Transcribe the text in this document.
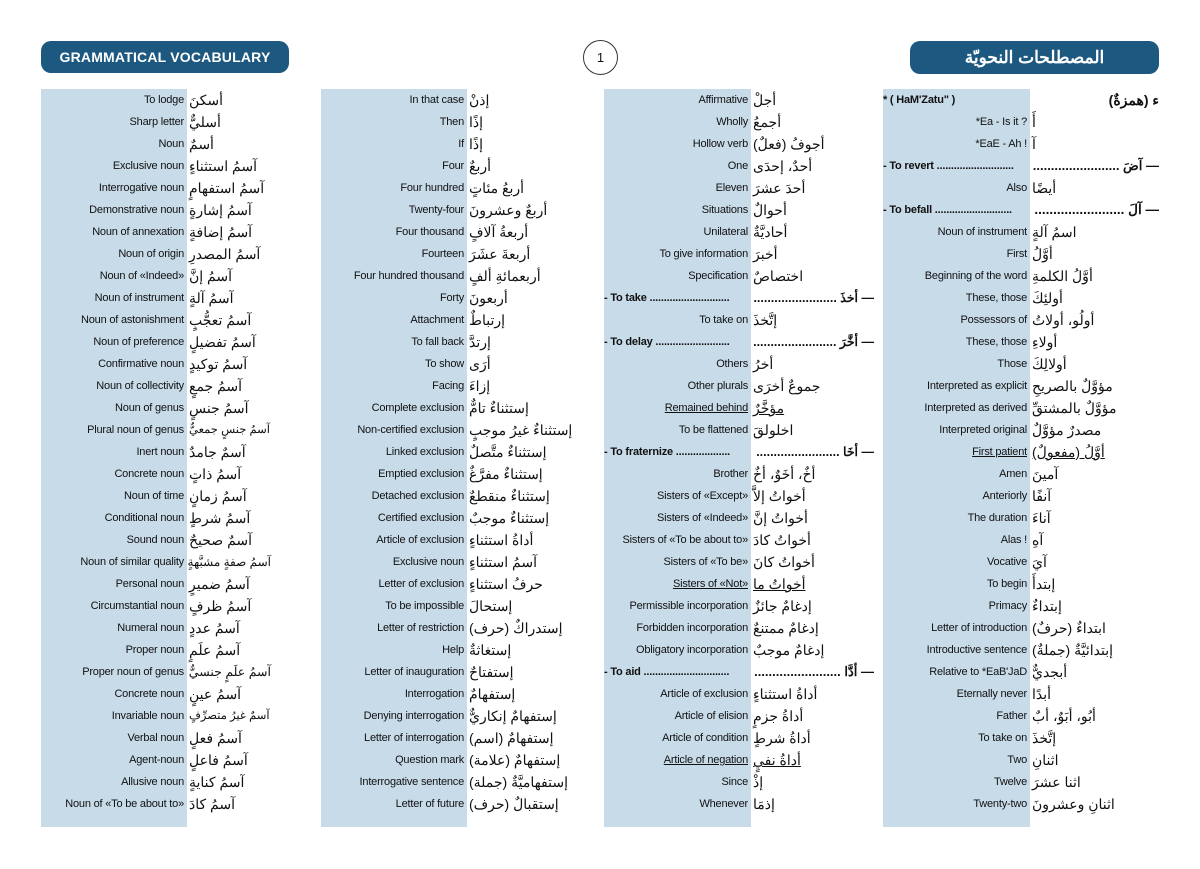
GRAMMATICAL VOCABULARY	1	المصطلحات النحويّة
To lodge أسكنَ
Sharp letter أسليٌّ
Noun أسمٌ
Exclusive noun آسمُ استثناءٍ
Interrogative noun آسمُ استفهامٍ
Demonstrative noun آسمُ إشارةٍ
Noun of annexation آسمُ إضافةٍ
Noun of origin آسمُ المصدرِ
Noun of «Indeed» آسمُ إنَّ
Noun of instrument آسمُ آلةٍ
Noun of astonishment آسمُ تعجُّبٍ
Noun of preference آسمُ تفضيلٍ
Confirmative noun آسمُ توكيدٍ
Noun of collectivity آسمُ جمعٍ
Noun of genus آسمُ جنسٍ
Plural noun of genus آسمُ جنسٍ جمعيٌّ
Inert noun آسمٌ جامدٌ
Concrete noun آسمُ ذاتٍ
Noun of time آسمُ زمانٍ
Conditional noun آسمُ شرطٍ
Sound noun آسمٌ صحيحٌ
Noun of similar quality آسمُ صفةٍ مشبَّهةٍ
Personal noun آسمُ ضميرٍ
Circumstantial noun آسمُ ظرفٍ
Numeral noun آسمُ عددٍ
Proper noun آسمُ علَمٍ
Proper noun of genus آسمُ علَمٍ جنسيٌّ
Concrete noun آسمُ عينٍ
Invariable noun آسمٌ غيرُ متصرِّفٍ
Verbal noun آسمُ فعلٍ
Agent-noun آسمُ فاعلٍ
Allusive noun آسمُ كنايةٍ
Noun of «To be about to» آسمُ كادَ
In that case إذنْ
Then إذًا
If إذًا
Four أربعٌ
Four hundred أربعُ مئاتٍ
Twenty-four أربعٌ وعشرونَ
Four thousand أربعةُ آلافٍ
Fourteen أربعةَ عشَرَ
Four hundred thousand أربعمائةِ ألفٍ
Forty أربعونَ
Attachment إرتباطٌ
To fall back إرتدَّ
To show أرَى
Facing إزاءَ
Complete exclusion إستثناءٌ تامٌّ
Non-certified exclusion إستثناءٌ غيرُ موجبٍ
Linked exclusion إستثناءٌ متَّصلٌ
Emptied exclusion إستثناءٌ مفرَّغٌ
Detached exclusion إستثناءٌ منقطعٌ
Certified exclusion إستثناءٌ موجبٌ
Article of exclusion أداةُ استثناءٍ
Exclusive noun آسمُ استثناءٍ
Letter of exclusion حرفُ استثناءٍ
To be impossible إستحالَ
Letter of restriction إستدراكٌ (حرف)
Help إستغاثةٌ
Letter of inauguration إستفتاحٌ
Interrogation إستفهامٌ
Denying interrogation إستفهامٌ إنكاريٌّ
Letter of interrogation إستفهامٌ (اسم)
Question mark إستفهامٌ (علامة)
Interrogative sentence إستفهاميَّةٌ (جملة)
Letter of future إستقبالٌ (حرف)
Affirmative أجلْ
Wholly أجمعُ
Hollow verb أجوفُ (فعلٌ)
One أحدٌ، إحدَى
Eleven أحدَ عشرَ
Situations أحوالٌ
Unilateral أحاديَّةٌ
To give information أخبرَ
Specification اختصاصٌ
- To take ............................	— أخذَ ........................
To take on إتَّخذَ
- To delay ..........................	— أخَّرَ ........................
Others أخرُ
Other plurals جموعٌ أخرَى
Remained behind مؤخَّرٌ
To be flattened اخلولقَ
- To fraternize ...................	— أخَا ........................
Brother أخٌ، أخَوٌ، أخٌ
Sisters of «Except» أخواتُ إلاَّ
Sisters of «Indeed» أخواتُ إنَّ
Sisters of «To be about to» أخواتُ كادَ
Sisters of «To be» أخواتُ كانَ
Sisters of «Not» أخواتُ ما
Permissible incorporation إدغامٌ جائزٌ
Forbidden incorporation إدغامٌ ممتنعٌ
Obligatory incorporation إدغامٌ موجبٌ
- To aid ..............................	— أدَّا ........................
Article of exclusion أداةُ استثناءٍ
Article of elision أداةُ جزمٍ
Article of condition أداةُ شرطٍ
Article of negation أداةُ نفيٍ
Since إذْ
Whenever إذمَا
* ( HaM'Zatu" )	ء (همزةٌ)
*Ea - Is it ? أَ
*EaE - Ah ! آ
- To revert ...........................	— آضَ ........................
Also أيضًا
- To befall ...........................	— آلَ ........................
Noun of instrument اسمُ آلةٍ
First أوَّلُ
Beginning of the word أوَّلُ الكلمةِ
These, those أولئِكَ
Possessors of أولُو، أولاتُ
These, those أولاءِ
Those أولالِكَ
Interpreted as explicit مؤوَّلٌ بالصريحِ
Interpreted as derived مؤوَّلٌ بالمشتقِّ
Interpreted original مصدرٌ مؤوَّلٌ
First patient أوَّلُ (مفعولٌ)
Amen آمينَ
Anteriorly آنفًا
The duration آناءَ
Alas ! آهِ
Vocative آيَ
To begin إبتدأَ
Primacy إبتداءٌ
Letter of introduction ابتداءٌ (حرفٌ)
Introductive sentence إبتدائيَّةٌ (جملةٌ)
Relative to *EaB'JaD أبجديٌّ
Eternally never أبدًا
Father أبُو، أبَوٌ، أبٌ
To take on إتَّخذَ
Two اثنانِ
Twelve اثنا عشرَ
Twenty-two اثنانِ وعشرونَ
